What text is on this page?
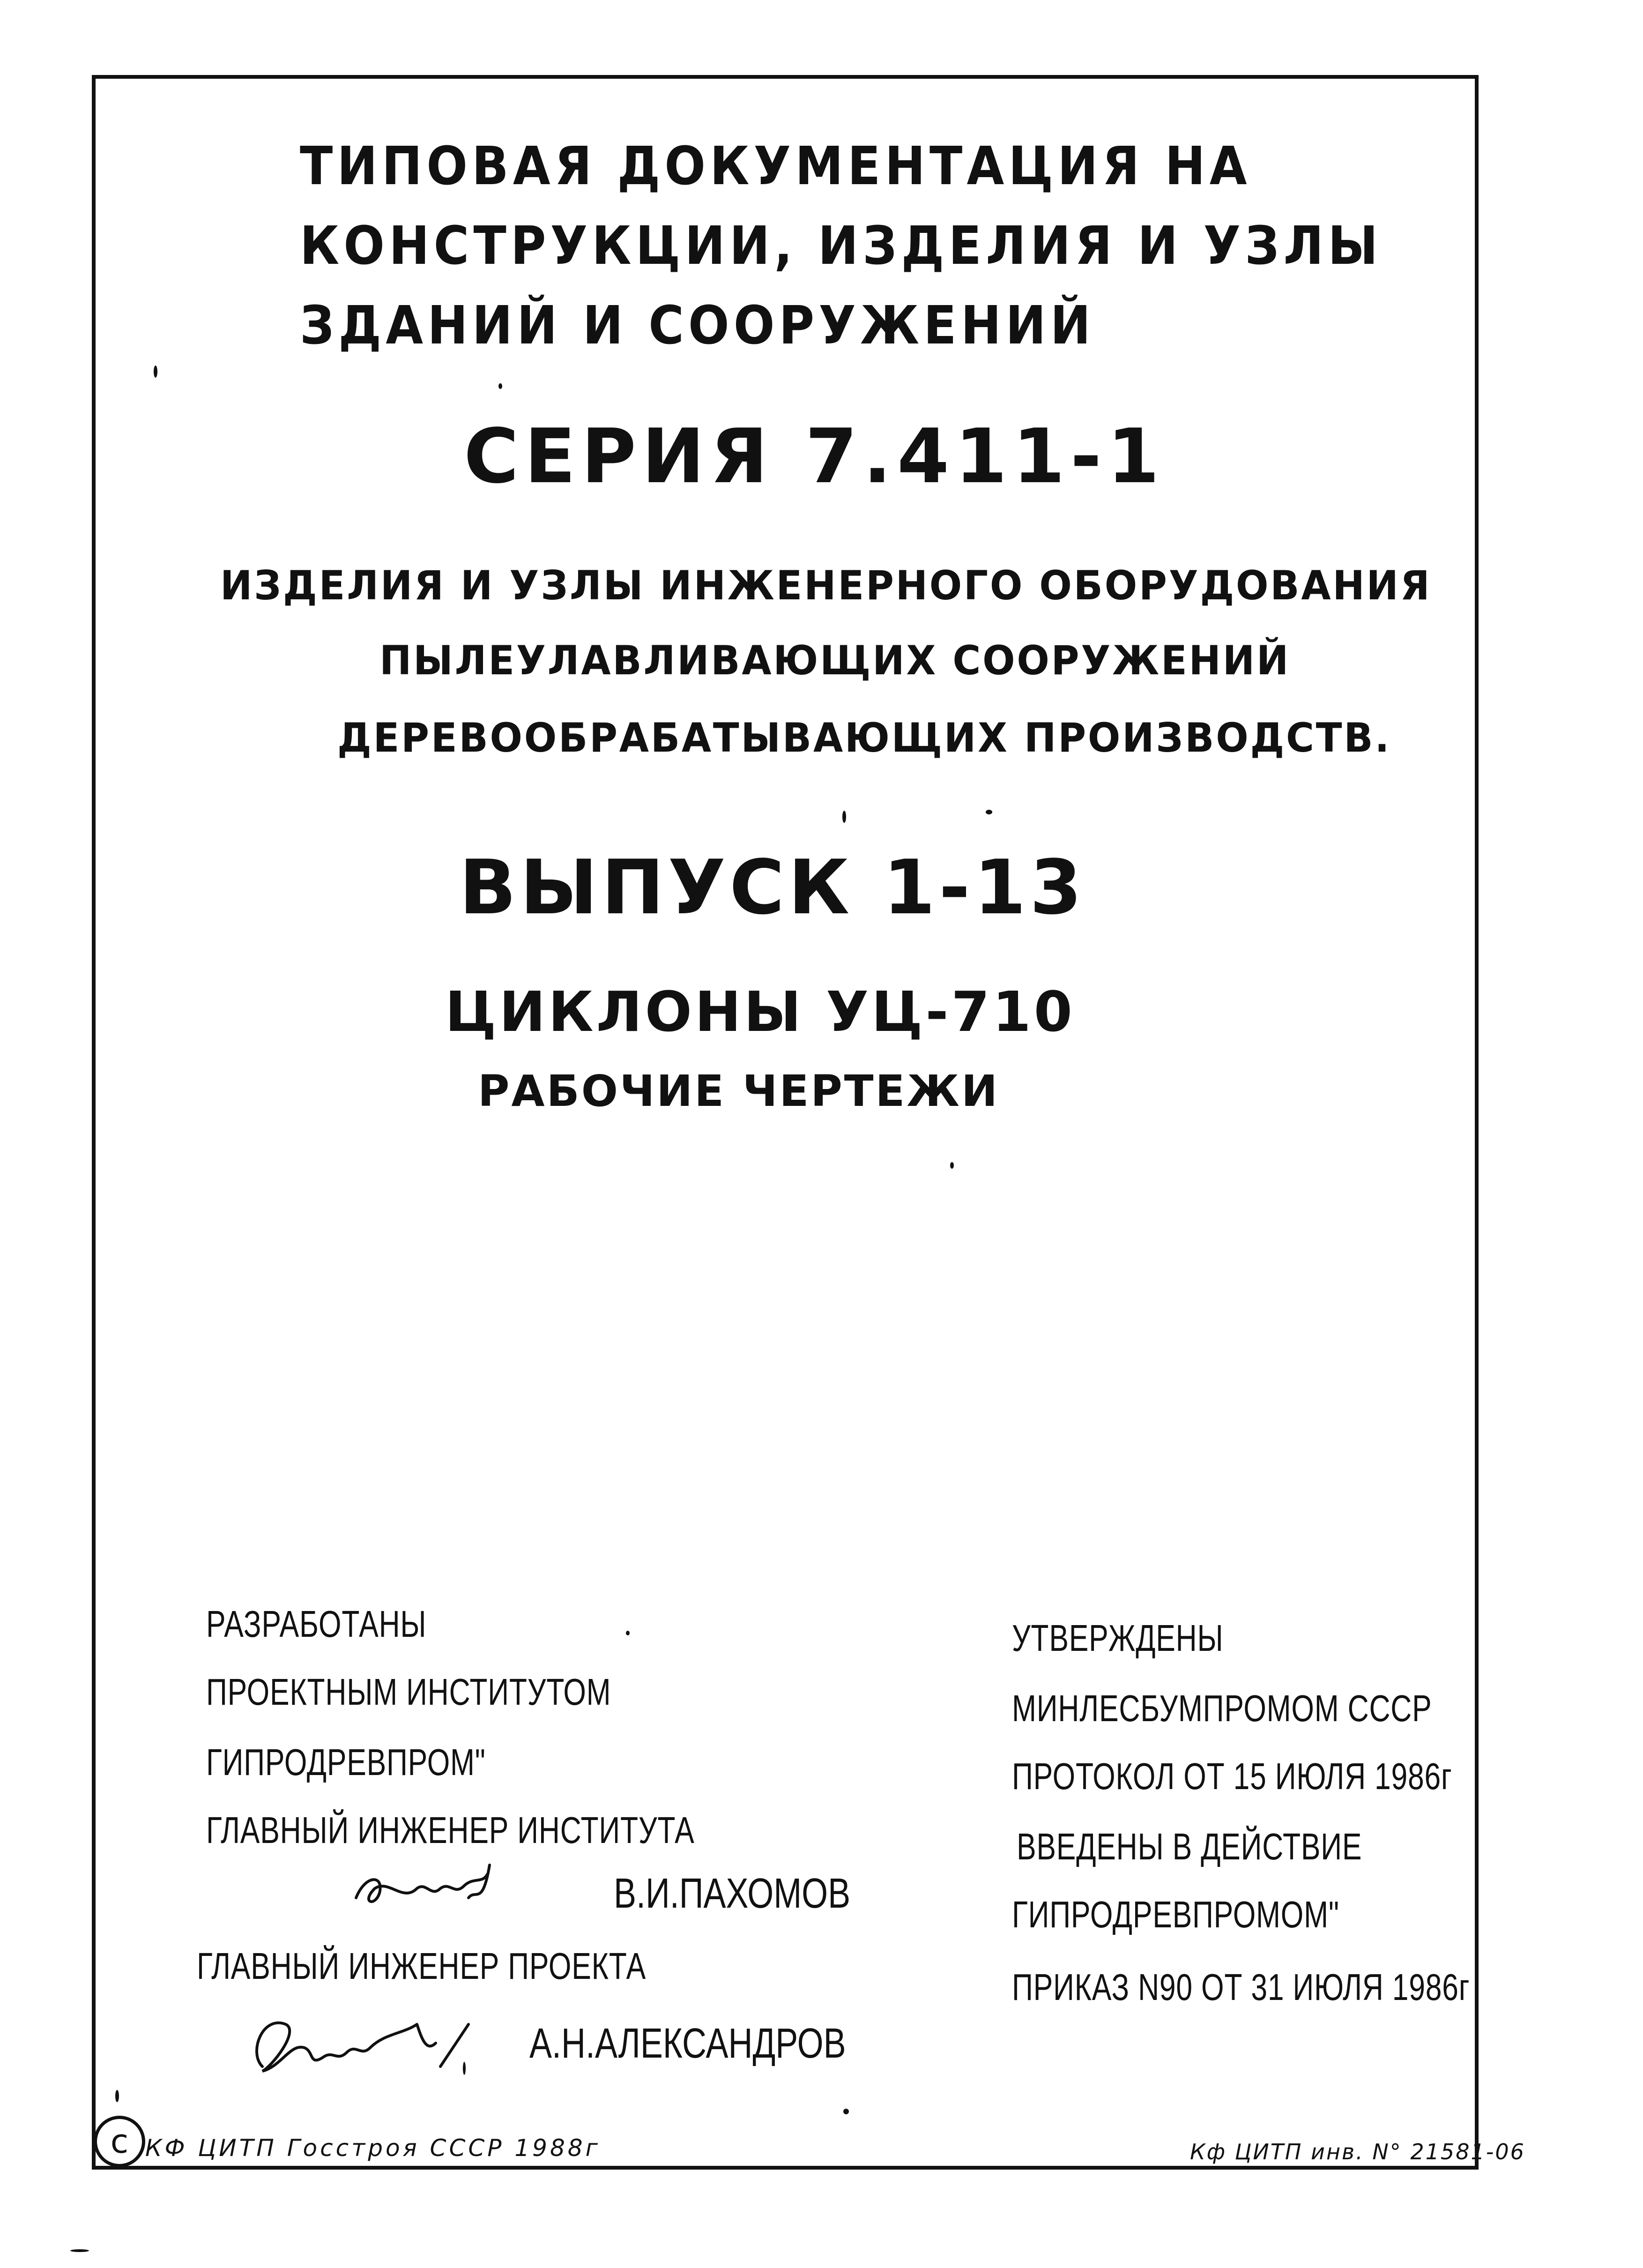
ТИПОВАЯ ДОКУМЕНТАЦИЯ НА
КОНСТРУКЦИИ, ИЗДЕЛИЯ И УЗЛЫ
ЗДАНИЙ И СООРУЖЕНИЙ
СЕРИЯ 7.411-1
ИЗДЕЛИЯ И УЗЛЫ ИНЖЕНЕРНОГО ОБОРУДОВАНИЯ
ПЫЛЕУЛАВЛИВАЮЩИХ СООРУЖЕНИЙ
ДЕРЕВООБРАБАТЫВАЮЩИХ ПРОИЗВОДСТВ.
ВЫПУСК 1-13
ЦИКЛОНЫ УЦ-710
РАБОЧИЕ ЧЕРТЕЖИ
РАЗРАБОТАНЫ
ПРОЕКТНЫМ ИНСТИТУТОМ
ГИПРОДРЕВПРОМ"
ГЛАВНЫЙ ИНЖЕНЕР ИНСТИТУТА
В.И.ПАХОМОВ
ГЛАВНЫЙ ИНЖЕНЕР ПРОЕКТА
А.Н.АЛЕКСАНДРОВ
УТВЕРЖДЕНЫ
МИНЛЕСБУМПРОМОМ СССР
ПРОТОКОЛ ОТ 15 ИЮЛЯ 1986г
ВВЕДЕНЫ В ДЕЙСТВИЕ
ГИПРОДРЕВПРОМОМ"
ПРИКАЗ N90 ОТ 31 ИЮЛЯ 1986г
c КФ ЦИТП Госстроя СССР 1988г	Кф ЦИТП инв. N° 21581-06
